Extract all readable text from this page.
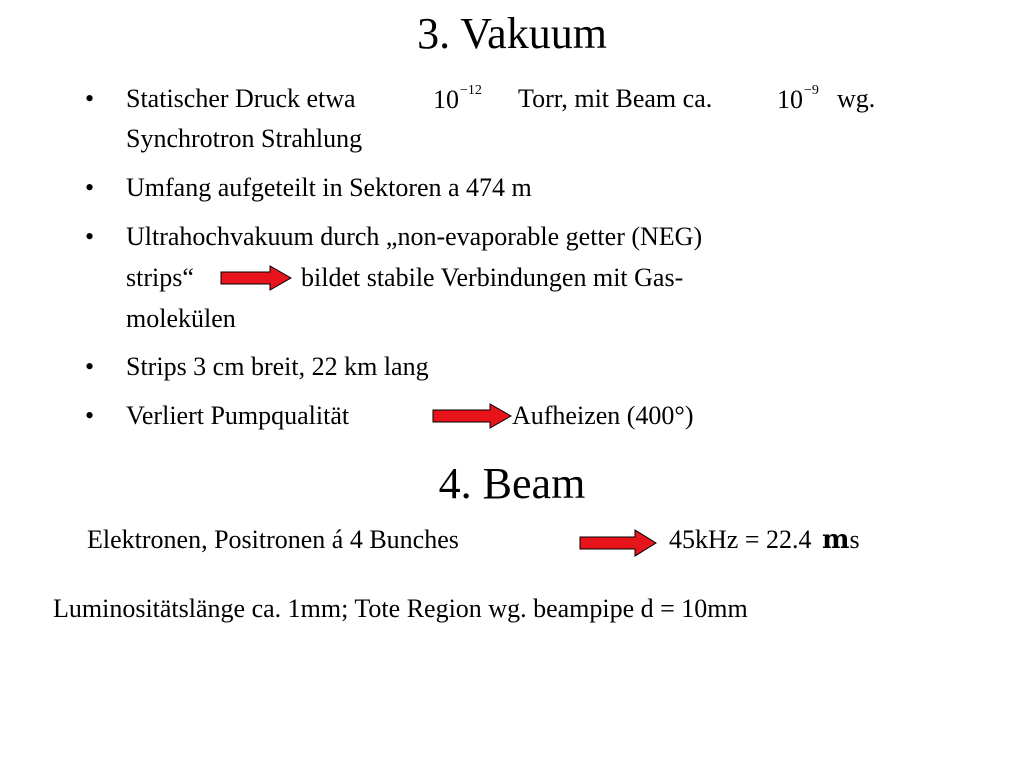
3. Vakuum
• Statischer Druck etwa	$10^{-12}$ Torr, mit Beam ca. $10^{-9}$ wg.
Synchrotron Strahlung
• Umfang aufgeteilt in Sektoren a 474 m
• Ultrahochvakuum durch „non-evaporable getter (NEG)
strips“	bildet stabile Verbindungen mit Gas-
molekülen
• Strips 3 cm breit, 22 km lang
• Verliert Pumpqualität	Aufheizen (400°)
4. Beam
Elektronen, Positronen á 4 Bunches	45kHz = 22.4 ms
Luminositätslänge ca. 1mm; Tote Region wg. beampipe d = 10mm
